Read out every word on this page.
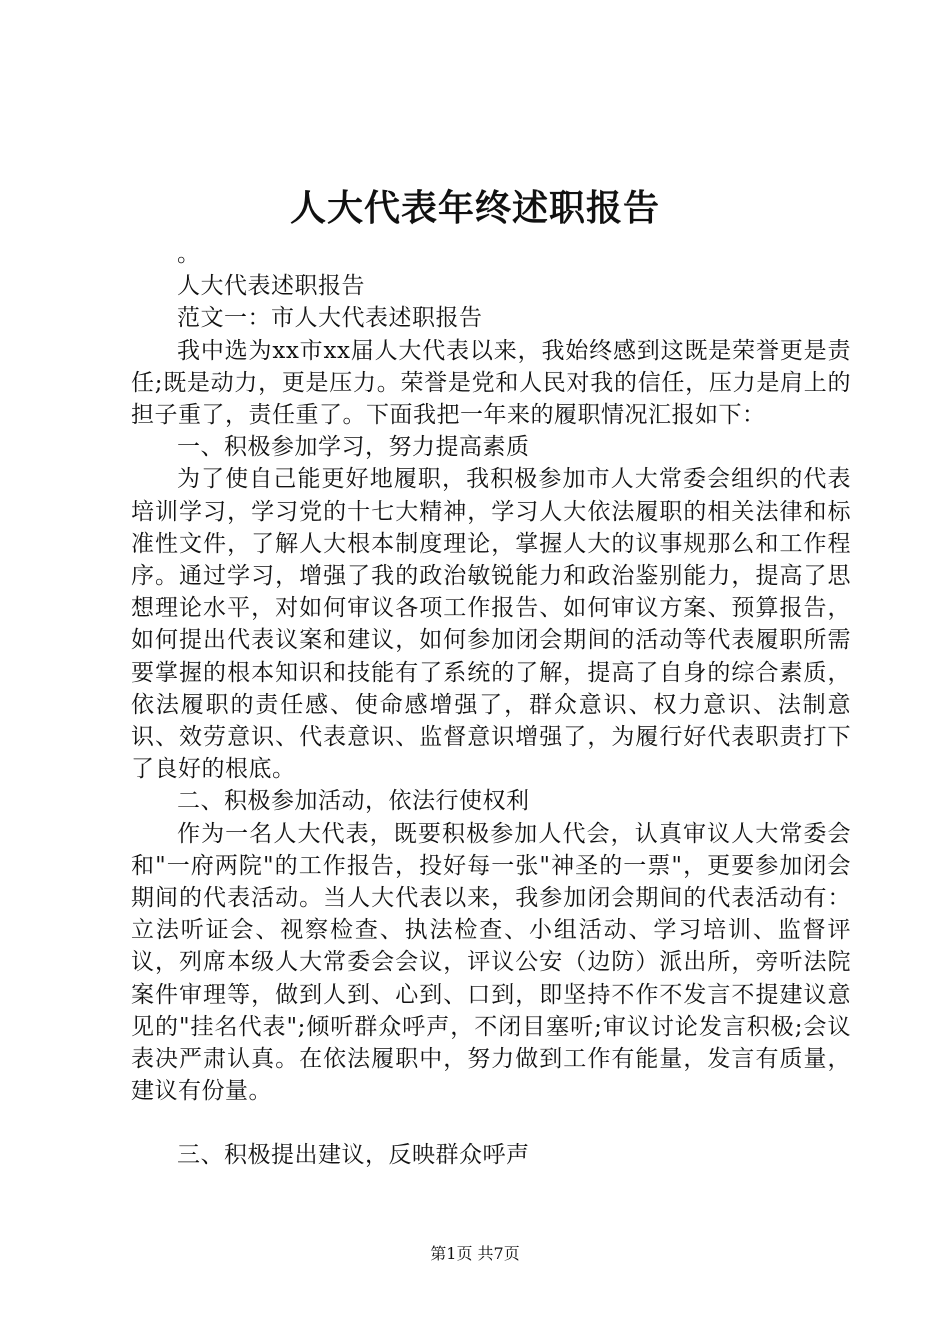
人大代表年终述职报告

。

人大代表述职报告

范文一：市人大代表述职报告

我中选为xx市xx届人大代表以来，我始终感到这既是荣誉更是责任;既是动力，更是压力。荣誉是党和人民对我的信任，压力是肩上的担子重了，责任重了。下面我把一年来的履职情况汇报如下：

一、积极参加学习，努力提高素质

为了使自己能更好地履职，我积极参加市人大常委会组织的代表培训学习，学习党的十七大精神，学习人大依法履职的相关法律和标准性文件，了解人大根本制度理论，掌握人大的议事规那么和工作程序。通过学习，增强了我的政治敏锐能力和政治鉴别能力，提高了思想理论水平，对如何审议各项工作报告、如何审议方案、预算报告，如何提出代表议案和建议，如何参加闭会期间的活动等代表履职所需要掌握的根本知识和技能有了系统的了解，提高了自身的综合素质，依法履职的责任感、使命感增强了，群众意识、权力意识、法制意识、效劳意识、代表意识、监督意识增强了，为履行好代表职责打下了良好的根底。

二、积极参加活动，依法行使权利

作为一名人大代表，既要积极参加人代会，认真审议人大常委会和"一府两院"的工作报告，投好每一张"神圣的一票"，更要参加闭会期间的代表活动。当人大代表以来，我参加闭会期间的代表活动有：立法听证会、视察检查、执法检查、小组活动、学习培训、监督评议，列席本级人大常委会会议，评议公安（边防）派出所，旁听法院案件审理等，做到人到、心到、口到，即坚持不作不发言不提建议意见的"挂名代表";倾听群众呼声，不闭目塞听;审议讨论发言积极;会议表决严肃认真。在依法履职中，努力做到工作有能量，发言有质量，建议有份量。

三、积极提出建议，反映群众呼声

第1页 共7页
